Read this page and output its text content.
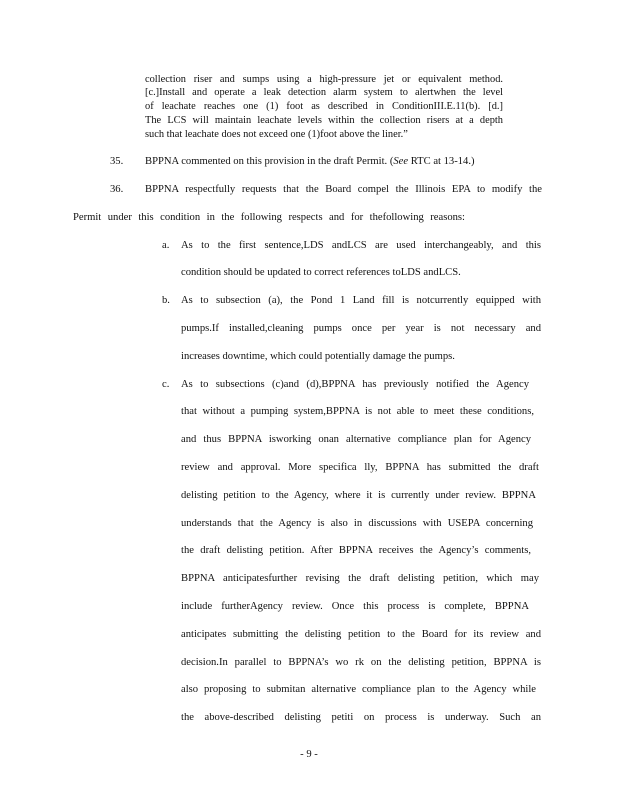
collection riser and sumps using a high-pressure jet or equivalent method.
[c.]Install and operate a leak detection alarm system to alertwhen the level
of leachate reaches one (1) foot as described in ConditionIII.E.11(b). [d.]
The LCS will maintain leachate levels within the collection risers at a depth
such that leachate does not exceed one (1)foot above the liner.”
35. BPPNA commented on this provision in the draft Permit. (See RTC at 13-14.)
36. BPPNA respectfully requests that the Board compel the Illinois EPA to modify the
Permit under this condition in the following respects and for thefollowing reasons:
a. As to the first sentence,LDS andLCS are used interchangeably, and this
condition should be updated to correct references toLDS andLCS.
b. As to subsection (a), the Pond 1 Land fill is notcurrently equipped with
pumps.If installed,cleaning pumps once per year is not necessary and
increases downtime, which could potentially damage the pumps.
c. As to subsections (c)and (d),BPPNA has previously notified the Agency
that without a pumping system,BPPNA is not able to meet these conditions,
and thus BPPNA isworking onan alternative compliance plan for Agency
review and approval. More specifica lly, BPPNA has submitted the draft
delisting petition to the Agency, where it is currently under review. BPPNA
understands that the Agency is also in discussions with USEPA concerning
the draft delisting petition. After BPPNA receives the Agency’s comments,
BPPNA anticipatesfurther revising the draft delisting petition, which may
include furtherAgency review. Once this process is complete, BPPNA
anticipates submitting the delisting petition to the Board for its review and
decision.In parallel to BPPNA’s wo rk on the delisting petition, BPPNA is
also proposing to submitan alternative compliance plan to the Agency while
the above-described delisting petiti on process is underway. Such an
- 9 -
